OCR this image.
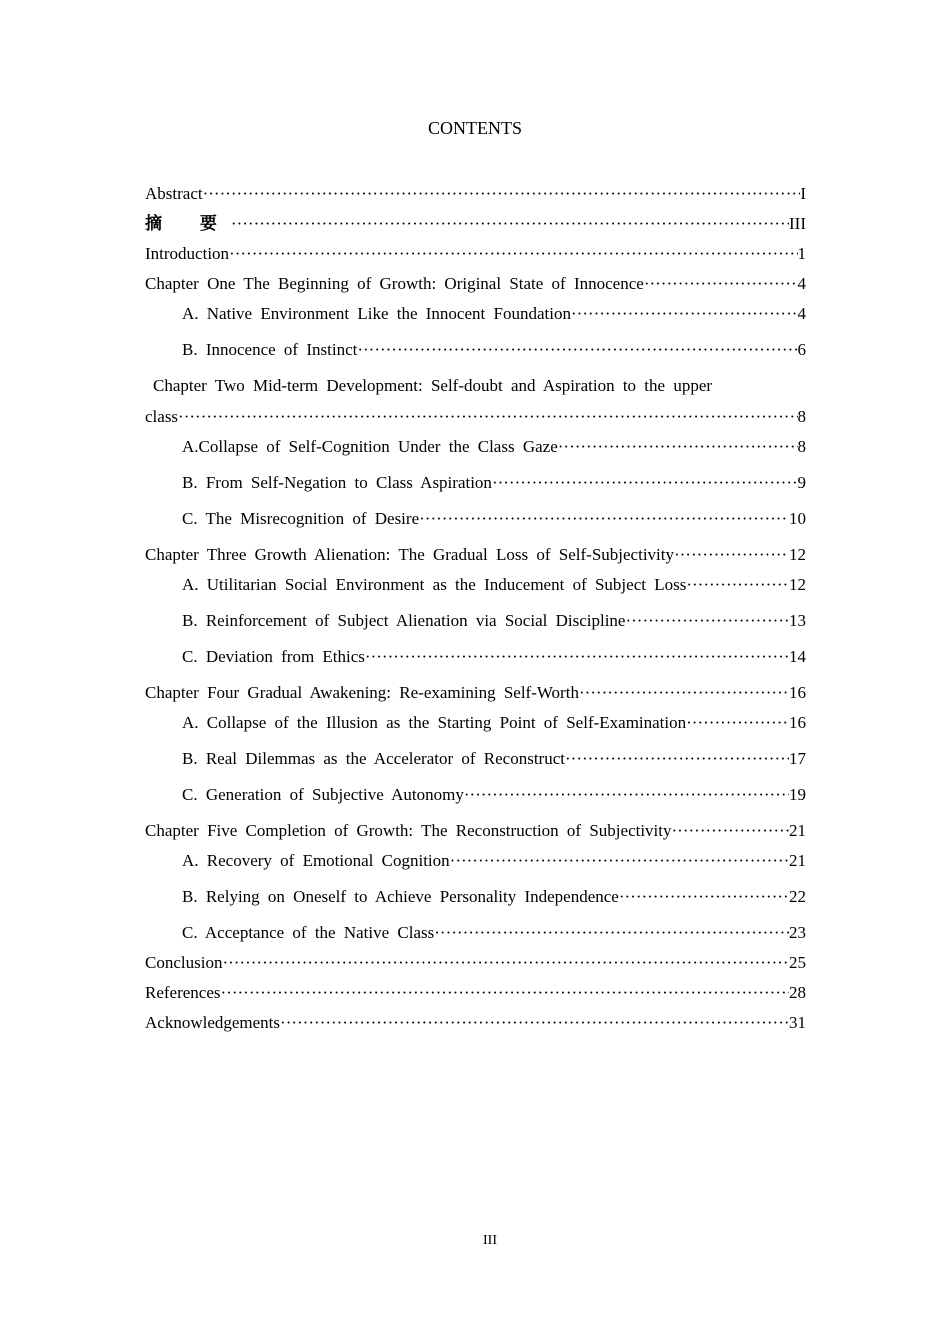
CONTENTS
Abstract ·····	I
摘 要 ·····	III
Introduction ·····	1
Chapter One The Beginning of Growth: Original State of Innocence ·····	4
A. Native Environment Like the Innocent Foundation ·····	4
B. Innocence of Instinct ·····	6
Chapter Two Mid-term Development: Self-doubt and Aspiration to the upper
class ·····	8
A.Collapse of Self-Cognition Under the Class Gaze ·····	8
B. From Self-Negation to Class Aspiration ·····	9
C. The Misrecognition of Desire ·····	10
Chapter Three Growth Alienation: The Gradual Loss of Self-Subjectivity ·····	12
A. Utilitarian Social Environment as the Inducement of Subject Loss ·····	12
B. Reinforcement of Subject Alienation via Social Discipline ·····	13
C. Deviation from Ethics ·····	14
Chapter Four Gradual Awakening: Re-examining Self-Worth ·····	16
A. Collapse of the Illusion as the Starting Point of Self-Examination ·····	16
B. Real Dilemmas as the Accelerator of Reconstruct ·····	17
C. Generation of Subjective Autonomy ·····	19
Chapter Five Completion of Growth: The Reconstruction of Subjectivity ·····	21
A. Recovery of Emotional Cognition ·····	21
B. Relying on Oneself to Achieve Personality Independence ·····	22
C. Acceptance of the Native Class ·····	23
Conclusion ·····	25
References ·····	28
Acknowledgements ·····	31
III
